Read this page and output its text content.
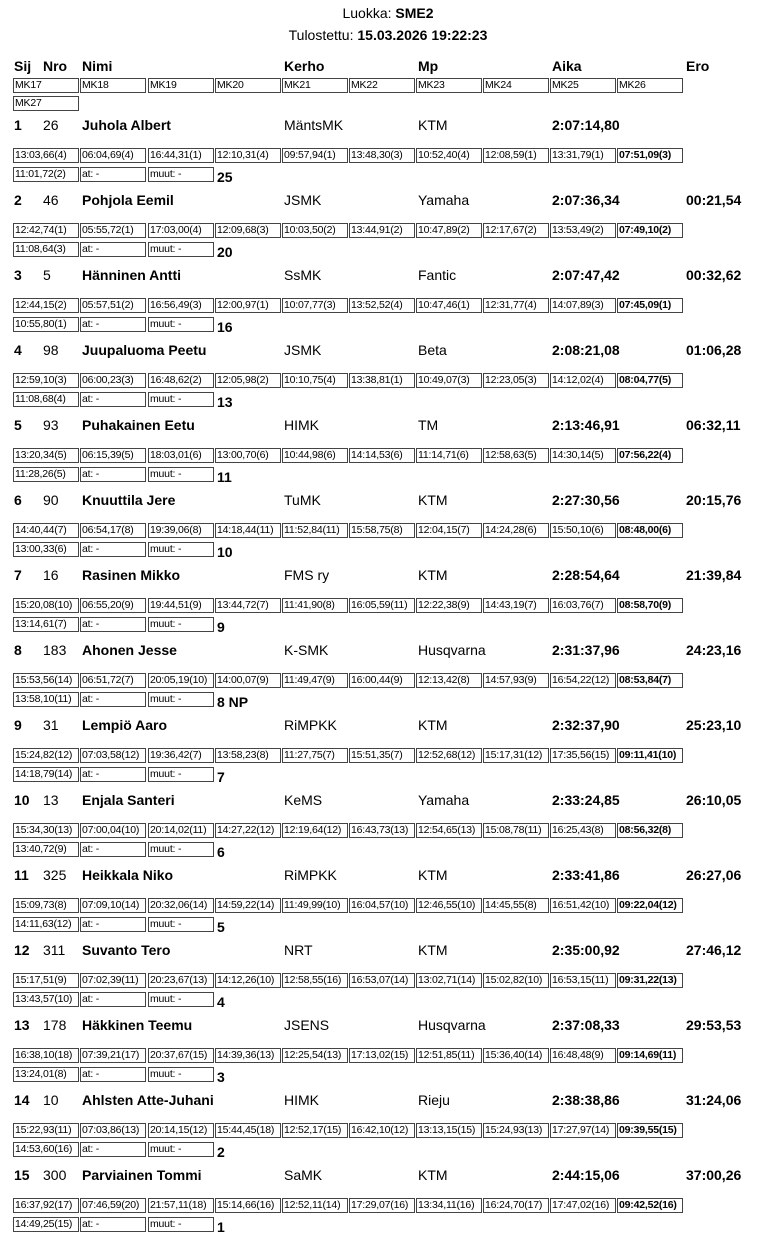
Luokka: SME2
Tulostettu: 15.03.2026 19:22:23
Sij Nro Nimi	Kerho	Mp	Aika	Ero
MK17	MK18	MK19	MK20	MK21	MK22	MK23	MK24	MK25	MK26
MK27
1 26 Juhola Albert	MäntsMK	KTM	2:07:14,80
13:03,66(4)	06:04,69(4)	16:44,31(1)	12:10,31(4)	09:57,94(1)	13:48,30(3)	10:52,40(4)	12:08,59(1)	13:31,79(1)	07:51,09(3)
11:01,72(2)	at: -	muut: -	25
2 46 Pohjola Eemil	JSMK	Yamaha	2:07:36,34	00:21,54
12:42,74(1)	05:55,72(1)	17:03,00(4)	12:09,68(3)	10:03,50(2)	13:44,91(2)	10:47,89(2)	12:17,67(2)	13:53,49(2)	07:49,10(2)
11:08,64(3)	at: -	muut: -	20
3 5 Hänninen Antti	SsMK	Fantic	2:07:47,42	00:32,62
12:44,15(2)	05:57,51(2)	16:56,49(3)	12:00,97(1)	10:07,77(3)	13:52,52(4)	10:47,46(1)	12:31,77(4)	14:07,89(3)	07:45,09(1)
10:55,80(1)	at: -	muut: -	16
4 98 Juupaluoma Peetu	JSMK	Beta	2:08:21,08	01:06,28
12:59,10(3)	06:00,23(3)	16:48,62(2)	12:05,98(2)	10:10,75(4)	13:38,81(1)	10:49,07(3)	12:23,05(3)	14:12,02(4)	08:04,77(5)
11:08,68(4)	at: -	muut: -	13
5 93 Puhakainen Eetu	HIMK	TM	2:13:46,91	06:32,11
13:20,34(5)	06:15,39(5)	18:03,01(6)	13:00,70(6)	10:44,98(6)	14:14,53(6)	11:14,71(6)	12:58,63(5)	14:30,14(5)	07:56,22(4)
11:28,26(5)	at: -	muut: -	11
6 90 Knuuttila Jere	TuMK	KTM	2:27:30,56	20:15,76
14:40,44(7)	06:54,17(8)	19:39,06(8)	14:18,44(11)	11:52,84(11)	15:58,75(8)	12:04,15(7)	14:24,28(6)	15:50,10(6)	08:48,00(6)
13:00,33(6)	at: -	muut: -	10
7 16 Rasinen Mikko	FMS ry	KTM	2:28:54,64	21:39,84
15:20,08(10) 06:55,20(9)	19:44,51(9)	13:44,72(7)	11:41,90(8)	16:05,59(11)	12:22,38(9)	14:43,19(7)	16:03,76(7)	08:58,70(9)
13:14,61(7)	at: -	muut: -	9
8 183 Ahonen Jesse	K-SMK	Husqvarna	2:31:37,96	24:23,16
15:53,56(14) 06:51,72(7)	20:05,19(10) 14:00,07(9)	11:49,47(9)	16:00,44(9)	12:13,42(8)	14:57,93(9)	16:54,22(12) 08:53,84(7)
13:58,10(11)	at: -	muut: -	8 NP
9 31 Lempiö Aaro	RiMPKK	KTM	2:32:37,90	25:23,10
15:24,82(12) 07:03,58(12)	19:36,42(7)	13:58,23(8)	11:27,75(7)	15:51,35(7)	12:52,68(12) 15:17,31(12) 17:35,56(15) 09:11,41(10)
14:18,79(14) at: -	muut: -	7
10 13 Enjala Santeri	KeMS	Yamaha	2:33:24,85	26:10,05
15:34,30(13) 07:00,04(10)	20:14,02(11)	14:27,22(12) 12:19,64(12) 16:43,73(13) 12:54,65(13) 15:08,78(11)	16:25,43(8)	08:56,32(8)
13:40,72(9)	at: -	muut: -	6
11 325 Heikkala Niko	RiMPKK	KTM	2:33:41,86	26:27,06
15:09,73(8)	07:09,10(14)	20:32,06(14) 14:59,22(14) 11:49,99(10)	16:04,57(10) 12:46,55(10) 14:45,55(8)	16:51,42(10) 09:22,04(12)
14:11,63(12)	at: -	muut: -	5
12 311 Suvanto Tero	NRT	KTM	2:35:00,92	27:46,12
15:17,51(9)	07:02,39(11)	20:23,67(13) 14:12,26(10) 12:58,55(16) 16:53,07(14) 13:02,71(14) 15:02,82(10) 16:53,15(11)	09:31,22(13)
13:43,57(10) at: -	muut: -	4
13 178 Häkkinen Teemu	JSENS	Husqvarna	2:37:08,33	29:53,53
16:38,10(18) 07:39,21(17)	20:37,67(15) 14:39,36(13) 12:25,54(13) 17:13,02(15) 12:51,85(11)	15:36,40(14) 16:48,48(9)	09:14,69(11)
13:24,01(8)	at: -	muut: -	3
14 10 Ahlsten Atte-Juhani	HIMK	Rieju	2:38:38,86	31:24,06
15:22,93(11)	07:03,86(13)	20:14,15(12) 15:44,45(18) 12:52,17(15) 16:42,10(12) 13:13,15(15) 15:24,93(13) 17:27,97(14) 09:39,55(15)
14:53,60(16) at: -	muut: -	2
15 300 Parviainen Tommi	SaMK	KTM	2:44:15,06	37:00,26
16:37,92(17) 07:46,59(20)	21:57,11(18)	15:14,66(16) 12:52,11(14)	17:29,07(16) 13:34,11(16)	16:24,70(17) 17:47,02(16) 09:42,52(16)
14:49,25(15) at: -	muut: -	1
